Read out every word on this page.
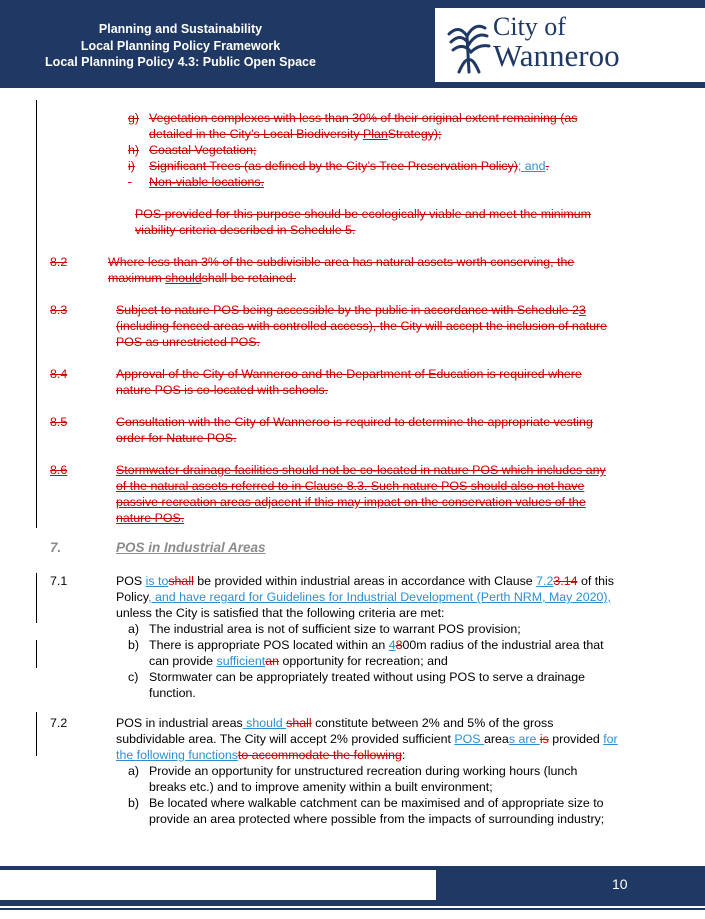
Planning and Sustainability
Local Planning Policy Framework
Local Planning Policy 4.3: Public Open Space
City of
Wanneroo
g) Vegetation complexes with less than 30% of their original extent remaining (as
detailed in the City’s Local Biodiversity PlanStrategy);
h) Coastal Vegetation;
i) Significant Trees (as defined by the City’s Tree Preservation Policy); and.

Non-viable locations.
POS provided for this purpose should be ecologically viable and meet the minimum
viability criteria described in Schedule 5.
8.2	Where less than 3% of the subdivisible area has natural assets worth conserving, the
maximum shouldshall be retained.
8.3	Subject to nature POS being accessible by the public in accordance with Schedule 23
(including fenced areas with controlled access), the City will accept the inclusion of nature
POS as unrestricted POS.
8.4	Approval of the City of Wanneroo and the Department of Education is required where
nature POS is co-located with schools.
8.5	Consultation with the City of Wanneroo is required to determine the appropriate vesting
order for Nature POS.
8.6	Stormwater drainage facilities should not be co-located in nature POS which includes any
of the natural assets referred to in Clause 8.3. Such nature POS should also not have
passive recreation areas adjacent if this may impact on the conservation values of the
nature POS.
7.	POS in Industrial Areas
7.1	POS is toshall be provided within industrial areas in accordance with Clause 7.23.14 of this
Policy, and have regard for Guidelines for Industrial Development (Perth NRM, May 2020),
unless the City is satisfied that the following criteria are met:
a) The industrial area is not of sufficient size to warrant POS provision;
b) There is appropriate POS located within an 4800m radius of the industrial area that
can provide sufficientan opportunity for recreation; and
c) Stormwater can be appropriately treated without using POS to serve a drainage
function.
7.2	POS in industrial areas should shall constitute between 2% and 5% of the gross
subdividable area. The City will accept 2% provided sufficient POS areas are is provided for
the following functionsto accommodate the following:
a) Provide an opportunity for unstructured recreation during working hours (lunch
breaks etc.) and to improve amenity within a built environment;
b) Be located where walkable catchment can be maximised and of appropriate size to
provide an area protected where possible from the impacts of surrounding industry;
10
